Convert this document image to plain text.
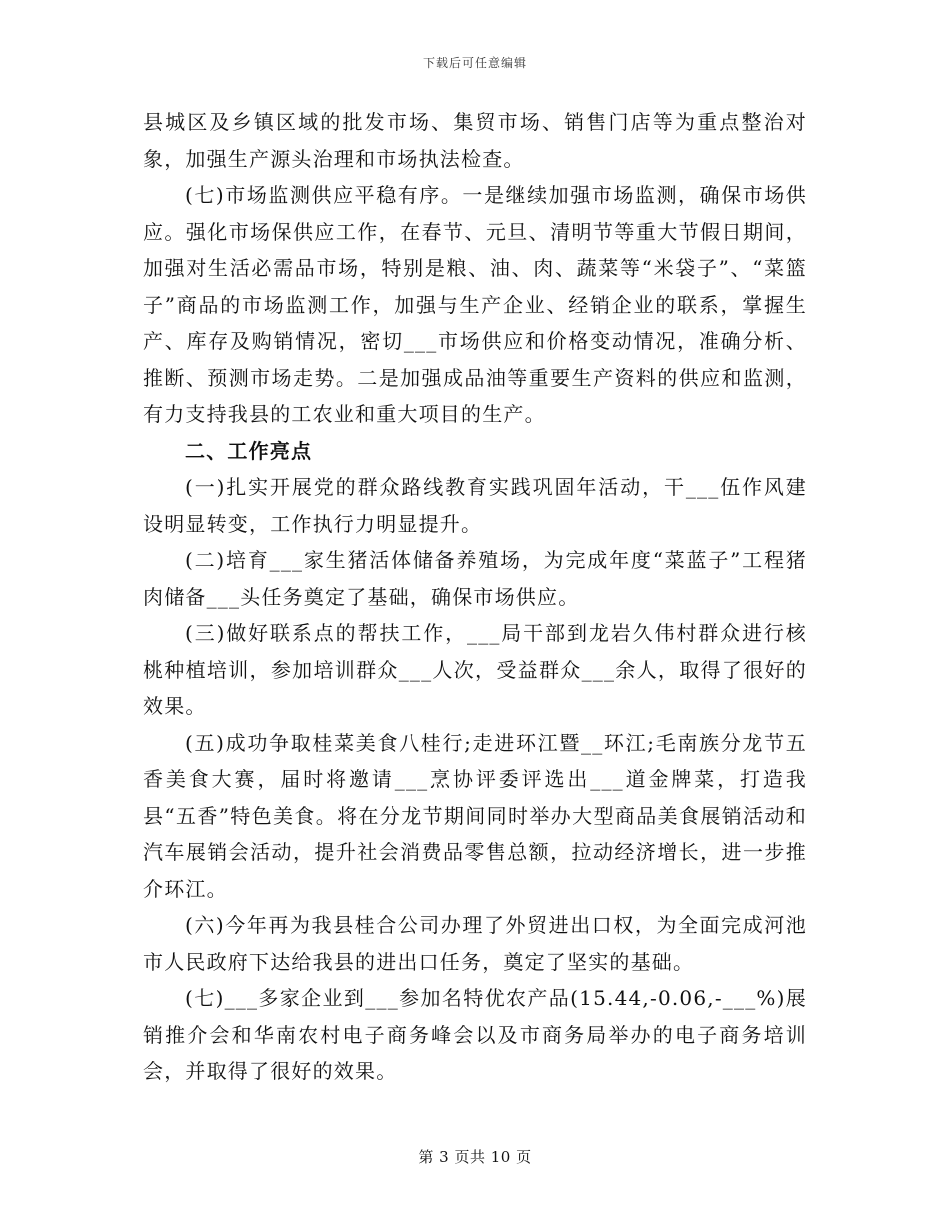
下载后可任意编辑

县城区及乡镇区域的批发市场、集贸市场、销售门店等为重点整治对象，加强生产源头治理和市场执法检查。

(七)市场监测供应平稳有序。一是继续加强市场监测，确保市场供应。强化市场保供应工作，在春节、元旦、清明节等重大节假日期间，加强对生活必需品市场，特别是粮、油、肉、蔬菜等“米袋子”、“菜篮子”商品的市场监测工作，加强与生产企业、经销企业的联系，掌握生产、库存及购销情况，密切___市场供应和价格变动情况，准确分析、推断、预测市场走势。二是加强成品油等重要生产资料的供应和监测，有力支持我县的工农业和重大项目的生产。

二、工作亮点

(一)扎实开展党的群众路线教育实践巩固年活动，干___伍作风建设明显转变，工作执行力明显提升。

(二)培育___家生猪活体储备养殖场，为完成年度“菜蓝子”工程猪肉储备___头任务奠定了基础，确保市场供应。

(三)做好联系点的帮扶工作，___局干部到龙岩久伟村群众进行核桃种植培训，参加培训群众___人次，受益群众___余人，取得了很好的效果。

(五)成功争取桂菜美食八桂行;走进环江暨__环江;毛南族分龙节五香美食大赛，届时将邀请___烹协评委评选出___道金牌菜，打造我县“五香”特色美食。将在分龙节期间同时举办大型商品美食展销活动和汽车展销会活动，提升社会消费品零售总额，拉动经济增长，进一步推介环江。

(六)今年再为我县桂合公司办理了外贸进出口权，为全面完成河池市人民政府下达给我县的进出口任务，奠定了坚实的基础。

(七)___多家企业到___参加名特优农产品(15.44,-0.06,-___%)展销推介会和华南农村电子商务峰会以及市商务局举办的电子商务培训会，并取得了很好的效果。

第 3 页共 10 页
